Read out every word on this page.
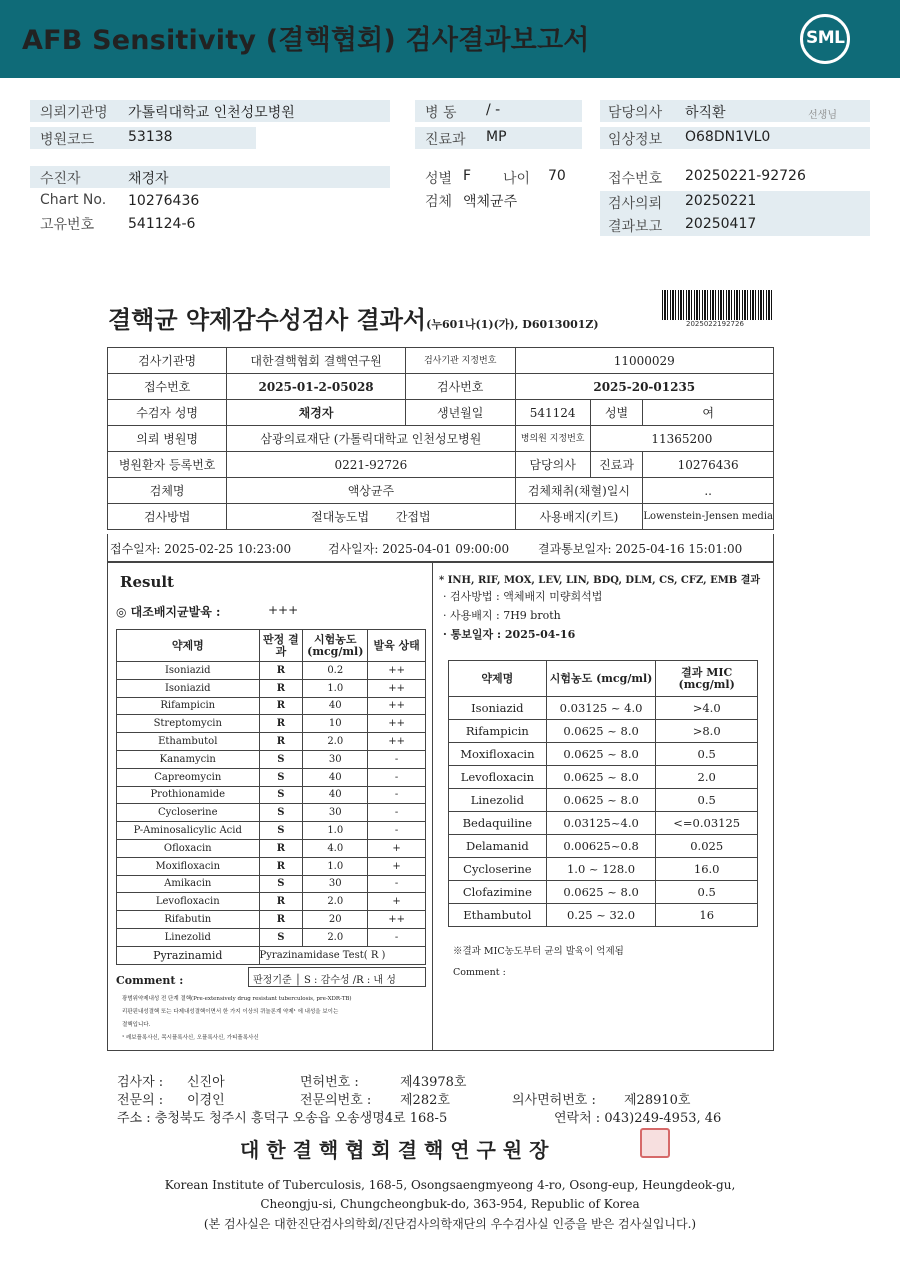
AFB Sensitivity (결핵협회) 검사결과보고서	SML
의뢰기관명 가톨릭대학교 인천성모병원
병원코드 53138
병 동 / -
진료과 MP
담당의사 하직환	선생님
임상정보 O68DN1VL0
수진자	채경자
Chart No. 10276436
고유번호 541124-6
성별 F 나이 70
검체 액체균주
접수번호 20250221-92726
검사의뢰 20250221
결과보고 20250417
결핵균 약제감수성검사 결과서(누601나(1)(가), D6013001Z)	2025022192726
검사기관명	대한결핵협회 결핵연구원	검사기관 지정번호	11000029		
접수번호	2025-01-2-05028	검사번호	2025-20-01235		
수검자 성명	채경자	생년월일	541124	성별	여
의뢰 병원명	삼광의료재단 (가톨릭대학교 인천성모병원		병의원 지정번호	11365200	
병원환자 등록번호	0221-92726		담당의사	진료과	10276436
검체명	액상균주		검체채취(채혈)일시		..
검사방법	절대농도법 간접법		사용배지(키트)		Lowenstein-Jensen media
접수일자: 2025-02-25 10:23:00	검사일자: 2025-04-01 09:00:00 결과통보일자: 2025-04-16 15:01:00
Result
◎ 대조배지균발육 :	+++
약제명	판정 결과	시험농도 (mcg/ml)	발육 상태
Isoniazid	R	0.2	++
Isoniazid	R	1.0	++
Rifampicin	R	40	++
Streptomycin	R	10	++
Ethambutol	R	2.0	++
Kanamycin	S	30	-
Capreomycin	S	40	-
Prothionamide	S	40	-
Cycloserine	S	30	-
P-Aminosalicylic Acid	S	1.0	-
Ofloxacin	R	4.0	+
Moxifloxacin	R	1.0	+
Amikacin	S	30	-
Levofloxacin	R	2.0	+
Rifabutin	R	20	++
Linezolid	S	2.0	-
Pyrazinamid	Pyrazinamidase Test( R )		
판정기준 │ S : 감수성 /R : 내 성
Comment :
광범위약제내성 전 단계 결핵(Pre-extensively drug resistant tuberculosis, pre-XDR-TB)
리판핀내성결핵 또는 다제내성결핵이면서 한 가지 이상의 퀴놀론계 약제¹ 에 내성을 보이는
결핵입니다.
¹ 레보플록사신, 목시플록사신, 오플록사신, 가티플록사신
* INH, RIF, MOX, LEV, LIN, BDQ, DLM, CS, CFZ, EMB 결과
· 검사방법 : 액체배지 미량희석법
· 사용배지 : 7H9 broth
· 통보일자 : 2025-04-16
약제명	시험농도 (mcg/ml)	결과 MIC (mcg/ml)
Isoniazid	0.03125 ~ 4.0	>4.0
Rifampicin	0.0625 ~ 8.0	>8.0
Moxifloxacin	0.0625 ~ 8.0	0.5
Levofloxacin	0.0625 ~ 8.0	2.0
Linezolid	0.0625 ~ 8.0	0.5
Bedaquiline	0.03125~4.0	<=0.03125
Delamanid	0.00625~0.8	0.025
Cycloserine	1.0 ~ 128.0	16.0
Clofazimine	0.0625 ~ 8.0	0.5
Ethambutol	0.25 ~ 32.0	16
※결과 MIC농도부터 균의 발육이 억제됨
Comment :
검사자 : 신진아	면허번호 :	제43978호
전문의 : 이경인	전문의번호 : 제282호	의사면허번호 : 제28910호
주소 : 충청북도 청주시 흥덕구 오송읍 오송생명4로 168-5	연락처 : 043)249-4953, 46
대 한 결 핵 협 회 결 핵 연 구 원 장
Korean Institute of Tuberculosis, 168-5, Osongsaengmyeong 4-ro, Osong-eup, Heungdeok-gu,
Cheongju-si, Chungcheongbuk-do, 363-954, Republic of Korea
(본 검사실은 대한진단검사의학회/진단검사의학재단의 우수검사실 인증을 받은 검사실입니다.)
